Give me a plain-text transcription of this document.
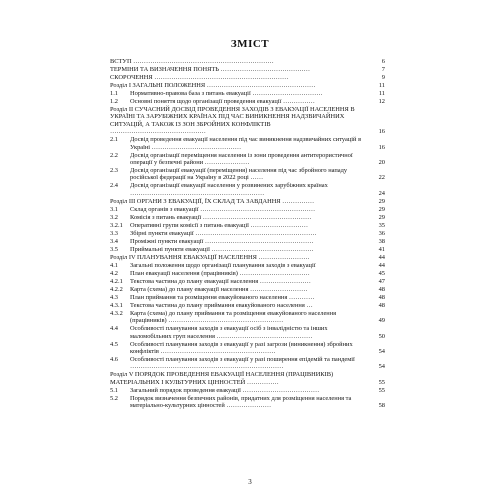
ЗМІСТ
ВСТУП …………………………………………………………	6
ТЕРМІНИ ТА ВИЗНАЧЕННЯ ПОНЯТЬ ……………………………………	7
СКОРОЧЕННЯ ………………………………………………………	9
Розділ І ЗАГАЛЬНІ ПОЛОЖЕННЯ ……………………………………………	11
1.1	Нормативно-правова база з питань евакуації ……………………………	11
1.2	Основні поняття щодо організації проведення евакуації ……………	12
Розділ ІІ СУЧАСНИЙ ДОСВІД ПРОВЕДЕННЯ ЗАХОДІВ З ЕВАКУАЦІЇ НАСЕЛЕННЯ В УКРАЇНІ ТА ЗАРУБІЖНИХ КРАЇНАХ ПІД ЧАС ВИНИКНЕННЯ НАДЗВИЧАЙНИХ СИТУАЦІЙ, А ТАКОЖ ІЗ ЗОН ЗБРОЙНИХ КОНФЛІКТІВ ………………………………………	16
2.1	Досвід проведення евакуації населення під час виникнення надзвичайних ситуацій в Україні ……………………………………	16
2.2	Досвід організації переміщення населення із зони проведення антитерористичної операції у безпечні райони …………………	20
2.3	Досвід організації евакуації (переміщення) населення під час збройного нападу російської федерації на Україну в 2022 році ……	22
2.4	Досвід організації евакуації населення у розвинених зарубіжних країнах ………………………………………………………	24
Розділ ІІІ ОРГАНИ З ЕВАКУАЦІЇ, ЇХ СКЛАД ТА ЗАВДАННЯ ……………	29
3.1	Склад органів з евакуації ………………………………………………	29
3.2	Комісія з питань евакуації ……………………………………………	29
3.2.1	Оперативні групи комісії з питань евакуації ………………………	35
3.3	Збірні пункти евакуації …………………………………………………	36
3.4	Проміжні пункти евакуації ……………………………………………	38
3.5	Приймальні пункти евакуації …………………………………………	41
Розділ IV ПЛАНУВАННЯ ЕВАКУАЦІЇ НАСЕЛЕННЯ ……………………	44
4.1	Загальні положення щодо організації планування заходів з евакуації	44
4.2	План евакуації населення (працівників) ……………………………	45
4.2.1	Текстова частина до плану евакуації населення ……………………	47
4.2.2	Карта (схема) до плану евакуації населення ………………………	48
4.3	План приймання та розміщення евакуйованого населення …………	48
4.3.1	Текстова частина до плану приймання евакуйованого населення …	48
4.3.2	Карта (схема) до плану приймання та розміщення евакуйованого населення (працівників) ………………………………………………	49
4.4	Особливості планування заходів з евакуації осіб з інвалідністю та інших маломобільних груп населення ………………………………………	50
4.5	Особливості планування заходів з евакуації у разі загрози (виникнення) збройних конфліктів ………………………………………………	54
4.6	Особливості планування заходів з евакуації у разі поширення епідемій та пандемії ………………………………………………………………	54
Розділ V ПОРЯДОК ПРОВЕДЕННЯ ЕВАКУАЦІЇ НАСЕЛЕННЯ (ПРАЦІВНИКІВ) МАТЕРІАЛЬНИХ І КУЛЬТУРНИХ ЦІННОСТЕЙ ……………	55
5.1	Загальний порядок проведення евакуації ………………………………	55
5.2	Порядок визначення безпечних районів, придатних для розміщення населення та матеріально-культурних цінностей …………………	58
3
